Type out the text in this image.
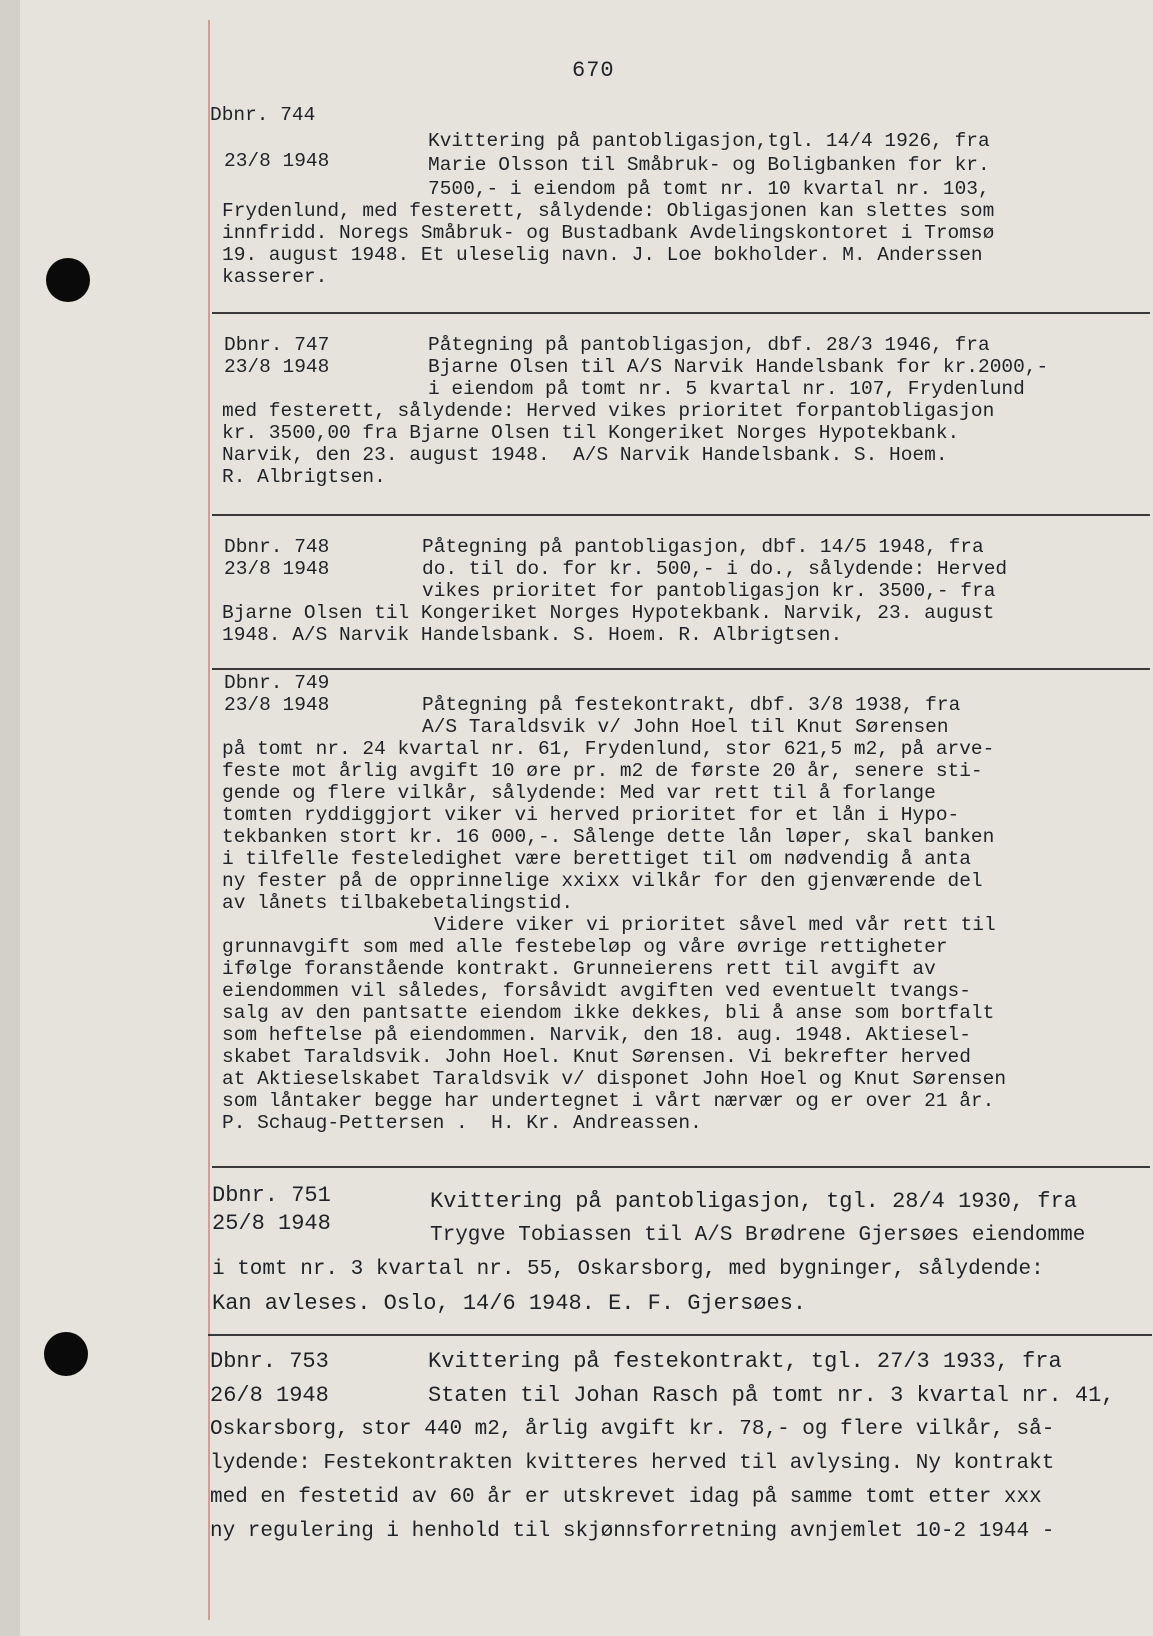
670
Dbnr. 744
23/8 1948
Kvittering på pantobligasjon,tgl. 14/4 1926, fra
Marie Olsson til Småbruk- og Boligbanken for kr.
7500,- i eiendom på tomt nr. 10 kvartal nr. 103,
Frydenlund, med festerett, sålydende: Obligasjonen kan slettes som
innfridd. Noregs Småbruk- og Bustadbank Avdelingskontoret i Tromsø
19. august 1948. Et uleselig navn. J. Loe bokholder. M. Anderssen
kasserer.
Dbnr. 747
23/8 1948
Påtegning på pantobligasjon, dbf. 28/3 1946, fra
Bjarne Olsen til A/S Narvik Handelsbank for kr.2000,-
i eiendom på tomt nr. 5 kvartal nr. 107, Frydenlund
med festerett, sålydende: Herved vikes prioritet forpantobligasjon
kr. 3500,00 fra Bjarne Olsen til Kongeriket Norges Hypotekbank.
Narvik, den 23. august 1948.  A/S Narvik Handelsbank. S. Hoem.
R. Albrigtsen.
Dbnr. 748
23/8 1948
Påtegning på pantobligasjon, dbf. 14/5 1948, fra
do. til do. for kr. 500,- i do., sålydende: Herved
vikes prioritet for pantobligasjon kr. 3500,- fra
Bjarne Olsen til Kongeriket Norges Hypotekbank. Narvik, 23. august
1948. A/S Narvik Handelsbank. S. Hoem. R. Albrigtsen.
Dbnr. 749
23/8 1948	Påtegning på festekontrakt, dbf. 3/8 1938, fra
A/S Taraldsvik v/ John Hoel til Knut Sørensen
på tomt nr. 24 kvartal nr. 61, Frydenlund, stor 621,5 m2, på arve-
feste mot årlig avgift 10 øre pr. m2 de første 20 år, senere sti-
gende og flere vilkår, sålydende: Med var rett til å forlange
tomten ryddiggjort viker vi herved prioritet for et lån i Hypo-
tekbanken stort kr. 16 000,-. Sålenge dette lån løper, skal banken
i tilfelle festeledighet være berettiget til om nødvendig å anta
ny fester på de opprinnelige xxixx vilkår for den gjenværende del
av lånets tilbakebetalingstid.
Videre viker vi prioritet såvel med vår rett til
grunnavgift som med alle festebeløp og våre øvrige rettigheter
ifølge foranstående kontrakt. Grunneierens rett til avgift av
eiendommen vil således, forsåvidt avgiften ved eventuelt tvangs-
salg av den pantsatte eiendom ikke dekkes, bli å anse som bortfalt
som heftelse på eiendommen. Narvik, den 18. aug. 1948. Aktiesel-
skabet Taraldsvik. John Hoel. Knut Sørensen. Vi bekrefter herved
at Aktieselskabet Taraldsvik v/ disponet John Hoel og Knut Sørensen
som låntaker begge har undertegnet i vårt nærvær og er over 21 år.
P. Schaug-Pettersen .  H. Kr. Andreassen.
Dbnr. 751
25/8 1948
Kvittering på pantobligasjon, tgl. 28/4 1930, fra
Trygve Tobiassen til A/S Brødrene Gjersøes eiendomme
i tomt nr. 3 kvartal nr. 55, Oskarsborg, med bygninger, sålydende:
Kan avleses. Oslo, 14/6 1948. E. F. Gjersøes.
Dbnr. 753
26/8 1948
Kvittering på festekontrakt, tgl. 27/3 1933, fra
Staten til Johan Rasch på tomt nr. 3 kvartal nr. 41,
Oskarsborg, stor 440 m2, årlig avgift kr. 78,- og flere vilkår, så-
lydende: Festekontrakten kvitteres herved til avlysing. Ny kontrakt
med en festetid av 60 år er utskrevet idag på samme tomt etter xxx
ny regulering i henhold til skjønnsforretning avnjemlet 10-2 1944 -
